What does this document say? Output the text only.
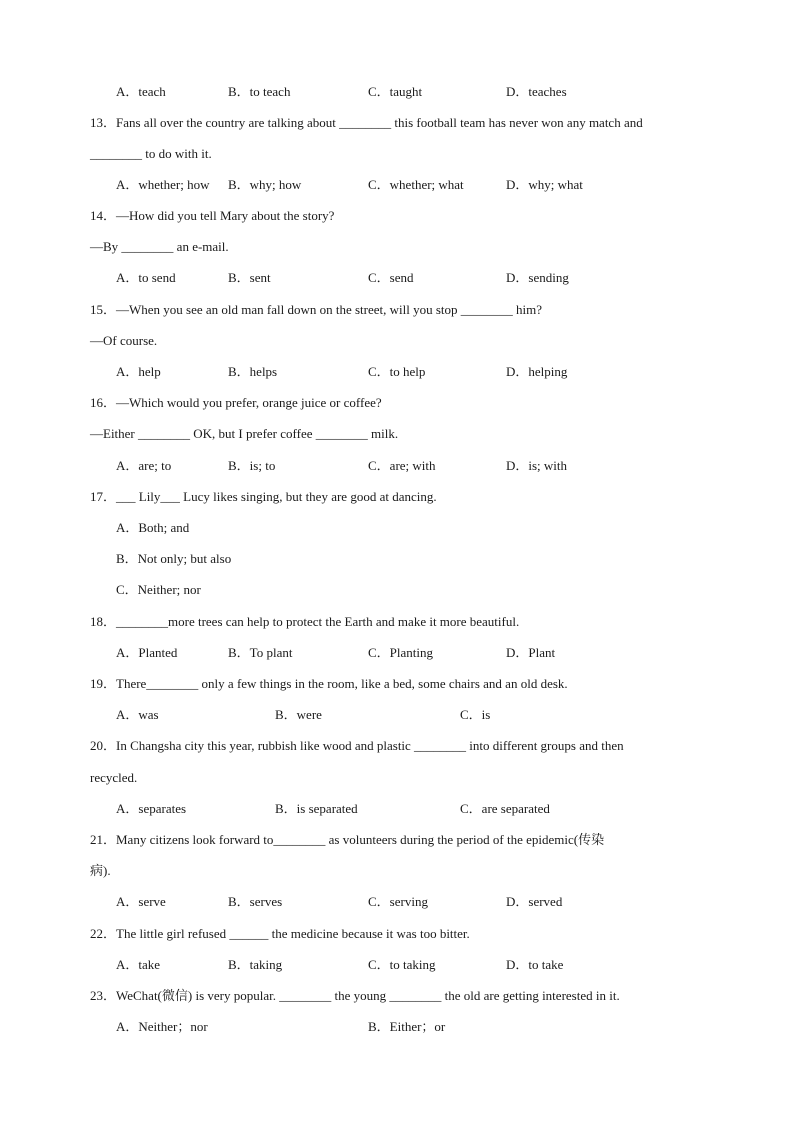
A．teach	B．to teach	C．taught	D．teaches
13．Fans all over the country are talking about ________ this football team has never won any match and
________ to do with it.
A．whether; how B．why; how	C．whether; what	D．why; what
14．—How did you tell Mary about the story?
—By ________ an e-mail.
A．to send	B．sent	C．send	D．sending
15．—When you see an old man fall down on the street, will you stop ________ him?
—Of course.
A．help	B．helps	C．to help	D．helping
16．—Which would you prefer, orange juice or coffee?
—Either ________ OK, but I prefer coffee ________ milk.
A．are; to	B．is; to	C．are; with	D．is; with
17．___ Lily___ Lucy likes singing, but they are good at dancing.
A．Both; and
B．Not only; but also
C．Neither; nor
18．________more trees can help to protect the Earth and make it more beautiful.
A．Planted	B．To plant	C．Planting	D．Plant
19．There________ only a few things in the room, like a bed, some chairs and an old desk.
A．was	B．were	C．is
20．In Changsha city this year, rubbish like wood and plastic ________ into different groups and then
recycled.
A．separates	B．is separated	C．are separated
21．Many citizens look forward to________ as volunteers during the period of the epidemic(传染
病).
A．serve	B．serves	C．serving	D．served
22．The little girl refused ______ the medicine because it was too bitter.
A．take	B．taking	C．to taking	D．to take
23．WeChat(微信) is very popular. ________ the young ________ the old are getting interested in it.
A．Neither；nor	B．Either；or
